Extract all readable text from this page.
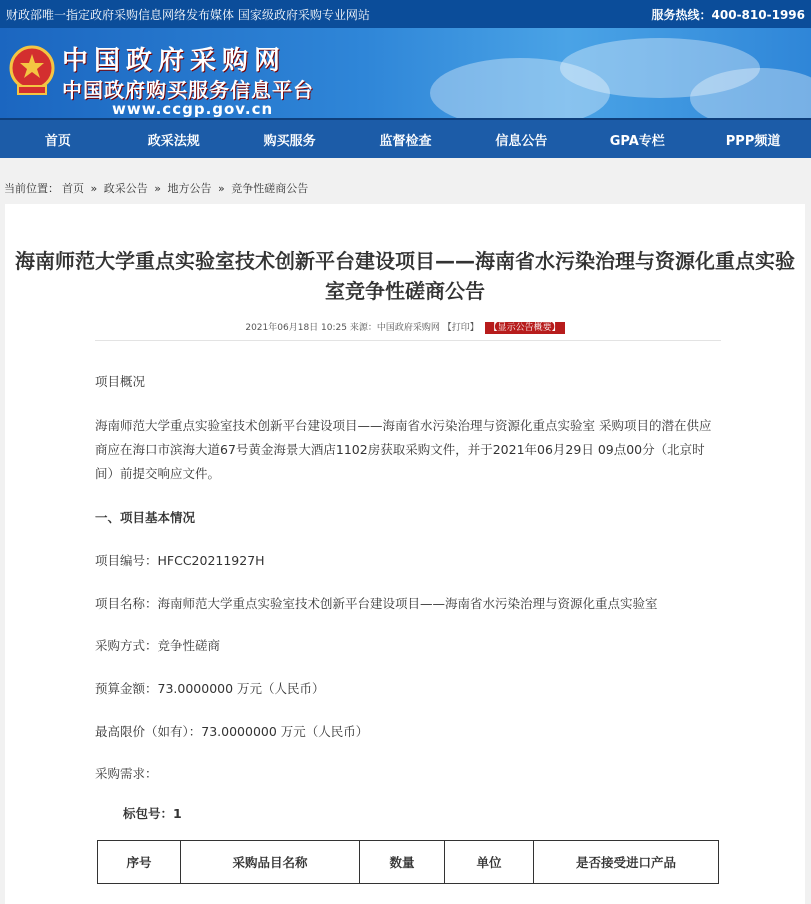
财政部唯一指定政府采购信息网络发布媒体 国家级政府采购专业网站	服务热线：400-810-1996
中国政府采购网
中国政府购买服务信息平台
www.ccgp.gov.cn
首页	政采法规	购买服务	监督检查	信息公告	GPA专栏	PPP频道
当前位置： 首页 » 政采公告 » 地方公告 » 竞争性磋商公告
海南师范大学重点实验室技术创新平台建设项目——海南省水污染治理与资源化重点实验室竞争性磋商公告
2021年06月18日 10:25 来源：中国政府采购网 【打印】 【显示公告概要】
项目概况
海南师范大学重点实验室技术创新平台建设项目——海南省水污染治理与资源化重点实验室 采购项目的潜在供应商应在海口市滨海大道67号黄金海景大酒店1102房获取采购文件，并于2021年06月29日 09点00分（北京时间）前提交响应文件。
一、项目基本情况
项目编号：HFCC20211927H
项目名称：海南师范大学重点实验室技术创新平台建设项目——海南省水污染治理与资源化重点实验室
采购方式：竞争性磋商
预算金额：73.0000000 万元（人民币）
最高限价（如有）：73.0000000 万元（人民币）
采购需求：
标包号：1
序号	采购品目名称	数量	单位	是否接受进口产品
